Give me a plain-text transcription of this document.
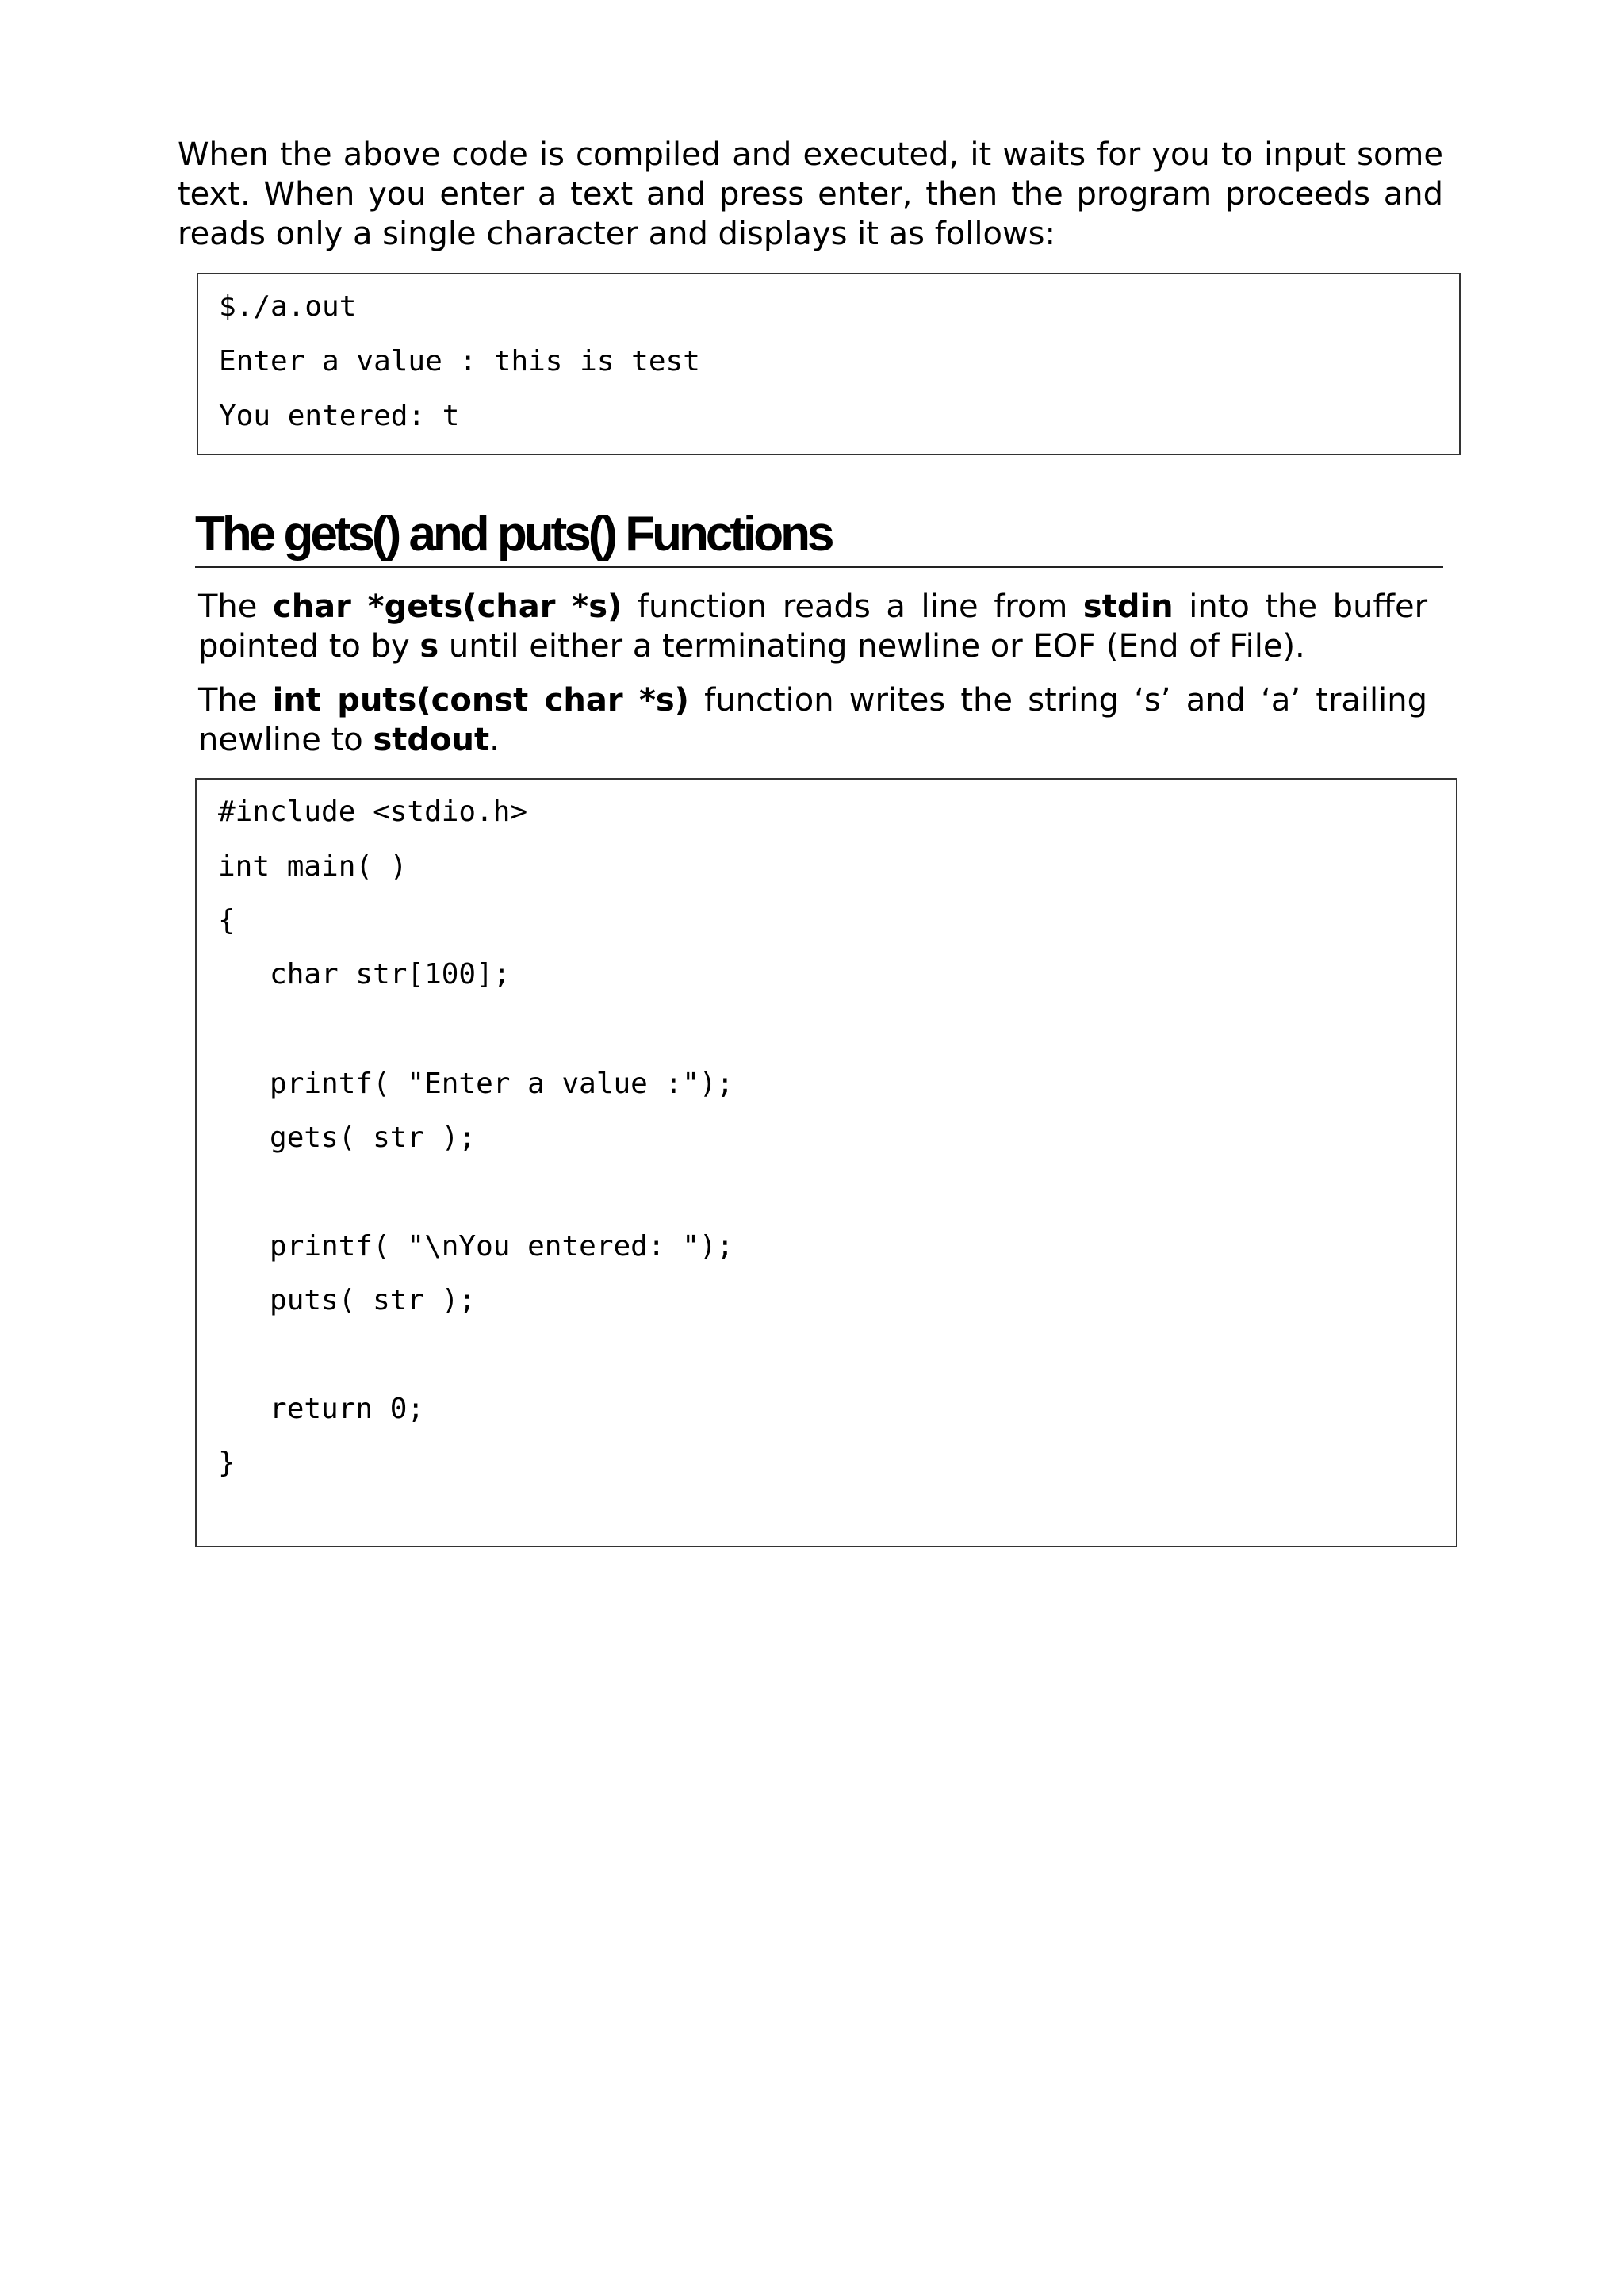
When the above code is compiled and executed, it waits for you to input some text. When you enter a text and press enter, then the program proceeds and reads only a single character and displays it as follows:

$./a.out
Enter a value : this is test
You entered: t
The gets() and puts() Functions

The char *gets(char *s) function reads a line from stdin into the buffer pointed to by s until either a terminating newline or EOF (End of File).

The int puts(const char *s) function writes the string ‘s’ and ‘a’ trailing newline to stdout.

#include <stdio.h>
int main( )
{
char str[100];
printf( "Enter a value :");
gets( str );
printf( "\nYou entered: ");
puts( str );
return 0;
}
